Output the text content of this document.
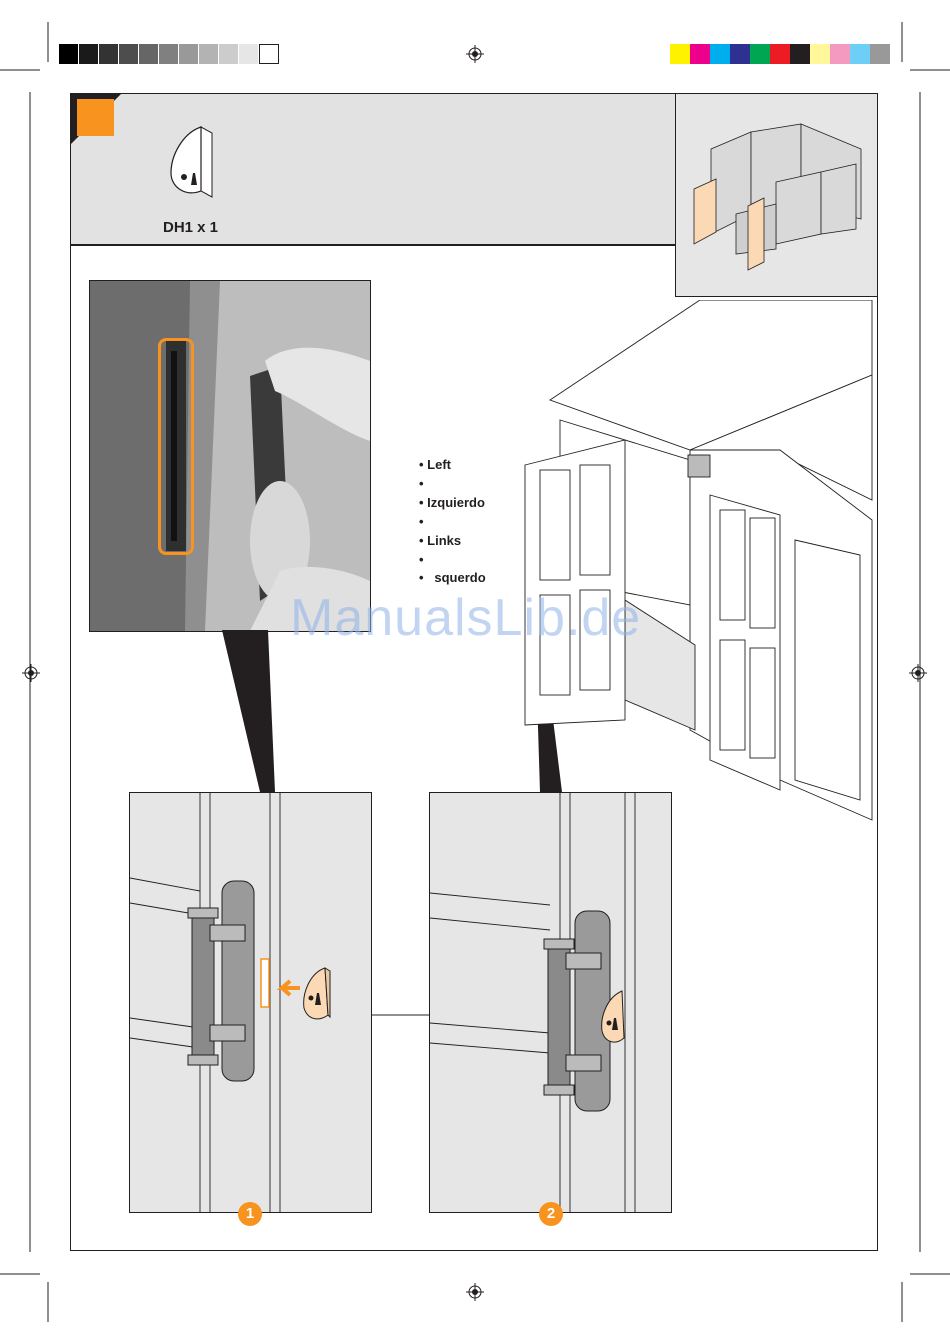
DH1 x 1
• Left
•
• Izquierdo
•
• Links
•
•   squerdo
1	2
ManualsLib.de
